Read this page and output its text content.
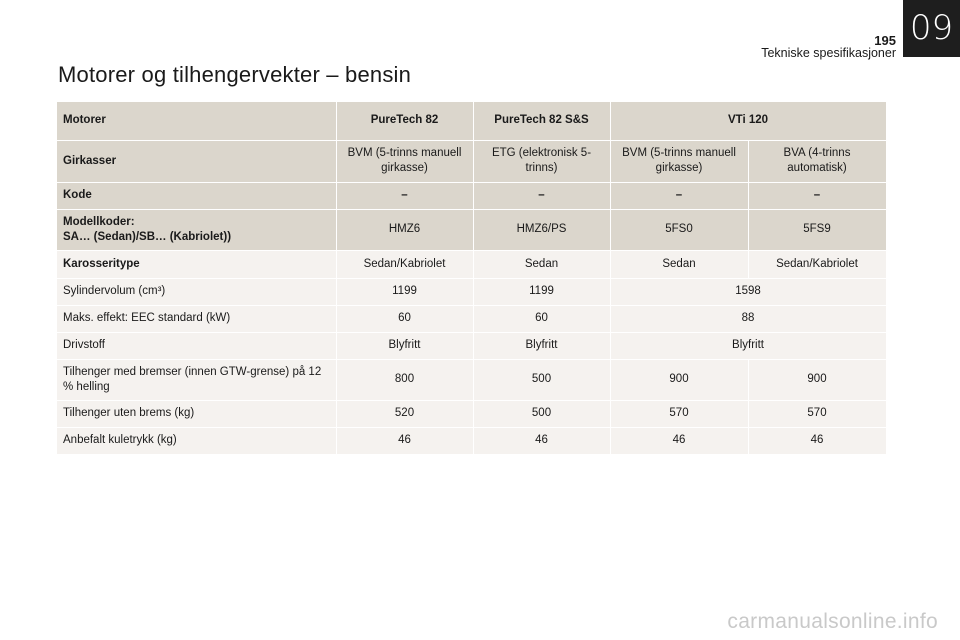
09
195
Tekniske spesifikasjoner
Motorer og tilhengervekter – bensin
Motorer	PureTech 82	PureTech 82 S&S	VTi 120	
Girkasser	BVM (5-trinns manuell girkasse)	ETG (elektronisk 5-trinns)	BVM (5-trinns manuell girkasse)	BVA (4-trinns automatisk)
Kode	–	–	–	–
Modellkoder:
SA… (Sedan)/SB… (Kabriolet))	HMZ6	HMZ6/PS	5FS0	5FS9
Karosseritype	Sedan/Kabriolet	Sedan	Sedan	Sedan/Kabriolet
Sylindervolum (cm³)	1199	1199	1598	
Maks. effekt: EEC standard (kW)	60	60	88	
Drivstoff	Blyfritt	Blyfritt	Blyfritt	
Tilhenger med bremser (innen GTW-grense) på 12 % helling	800	500	900	900
Tilhenger uten brems (kg)	520	500	570	570
Anbefalt kuletrykk (kg)	46	46	46	46
carmanualsonline.info
